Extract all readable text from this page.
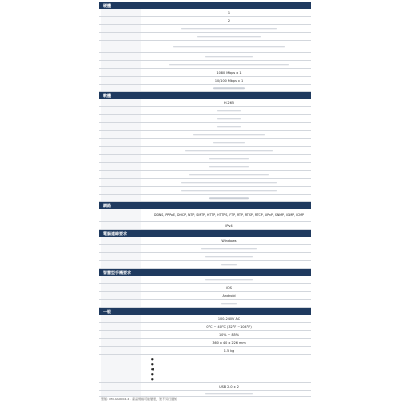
硬體
1
2
1080 Mbps x 1
10/100 Mbps x 1
軟體
H.265
網路
DDNS, PPPoE, DHCP, NTP, SMTP, HTTP, HTTPS, FTP, RTP, RTSP, RTCP, UPnP, SNMP, IGMP, ICMP
IPv4
電腦連線要求
Windows
智慧型手機要求
iOS
Android
一般
100-240V AC
0°C ~ 40°C (32°F ~104°F)
10% ~ 85%
360 x 40 x 226 mm
1.5 kg
●
●
●
●
●
USB 2.0 x 2
型號: XM-4A0004-4 · 產品規格可能變更，恕不另行通知
